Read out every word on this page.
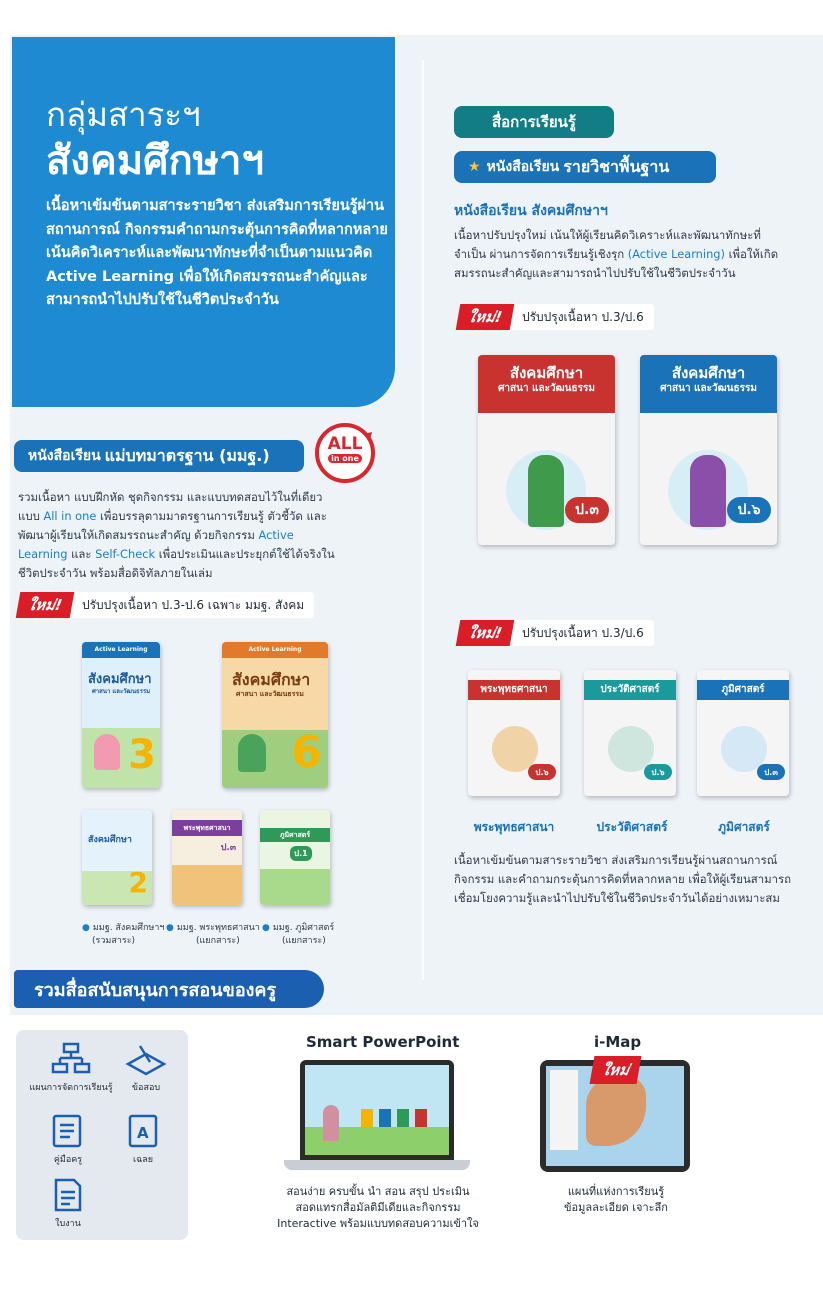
กลุ่มสาระฯ
สังคมศึกษาฯ

เนื้อหาเข้มข้นตามสาระรายวิชา ส่งเสริมการเรียนรู้ผ่านสถานการณ์ กิจกรรมคำถามกระตุ้นการคิดที่หลากหลาย เน้นคิดวิเคราะห์และพัฒนาทักษะที่จำเป็นตามแนวคิด Active Learning เพื่อให้เกิดสมรรถนะสำคัญและสามารถนำไปปรับใช้ในชีวิตประจำวัน

หนังสือเรียน แม่บทมาตรฐาน (มมฐ.)
ALL
in one
รวมเนื้อหา แบบฝึกหัด ชุดกิจกรรม และแบบทดสอบไว้ในที่เดียว แบบ All in one เพื่อบรรลุตามมาตรฐานการเรียนรู้ ตัวชี้วัด และพัฒนาผู้เรียนให้เกิดสมรรถนะสำคัญ ด้วยกิจกรรม Active Learning และ Self-Check เพื่อประเมินและประยุกต์ใช้ได้จริงในชีวิตประจำวัน พร้อมสื่อดิจิทัลภายในเล่ม
ใหม่!	ปรับปรุงเนื้อหา ป.3-ป.6 เฉพาะ มมฐ. สังคม
Active Learning
สังคมศึกษา
ศาสนา และวัฒนธรรม
3
Active Learning
สังคมศึกษา
ศาสนา และวัฒนธรรม
6
สังคมศึกษา
2
พระพุทธศาสนา
ป.๓
ภูมิศาสตร์
ป.1
● มมฐ. สังคมศึกษาฯ
(รวมสาระ)
● มมฐ. พระพุทธศาสนา
(แยกสาระ)
● มมฐ. ภูมิศาสตร์
(แยกสาระ)
สื่อการเรียนรู้
★ หนังสือเรียน รายวิชาพื้นฐาน
หนังสือเรียน สังคมศึกษาฯ
เนื้อหาปรับปรุงใหม่ เน้นให้ผู้เรียนคิดวิเคราะห์และพัฒนาทักษะที่จำเป็น ผ่านการจัดการเรียนรู้เชิงรุก (Active Learning) เพื่อให้เกิดสมรรถนะสำคัญและสามารถนำไปปรับใช้ในชีวิตประจำวัน
ใหม่!	ปรับปรุงเนื้อหา ป.3/ป.6
สังคมศึกษา
ศาสนา และวัฒนธรรม
ป.๓
สังคมศึกษา
ศาสนา และวัฒนธรรม
ป.๖
ใหม่!	ปรับปรุงเนื้อหา ป.3/ป.6
พระพุทธศาสนา
ป.๖
ประวัติศาสตร์
ป.๖
ภูมิศาสตร์
ป.๓
พระพุทธศาสนา	ประวัติศาสตร์	ภูมิศาสตร์
เนื้อหาเข้มข้นตามสาระรายวิชา ส่งเสริมการเรียนรู้ผ่านสถานการณ์ กิจกรรม และคำถามกระตุ้นการคิดที่หลากหลาย เพื่อให้ผู้เรียนสามารถเชื่อมโยงความรู้และนำไปปรับใช้ในชีวิตประจำวันได้อย่างเหมาะสม
รวมสื่อสนับสนุนการสอนของครู
แผนการจัดการเรียนรู้	ข้อสอบ
คู่มือครู
A
เฉลย
ใบงาน
Smart PowerPoint
สอนง่าย ครบขั้น นำ สอน สรุป ประเมิน
สอดแทรกสื่อมัลติมีเดียและกิจกรรม
Interactive พร้อมแบบทดสอบความเข้าใจ
i-Map
ใหม่
แผนที่แห่งการเรียนรู้
ข้อมูลละเอียด เจาะลึก
